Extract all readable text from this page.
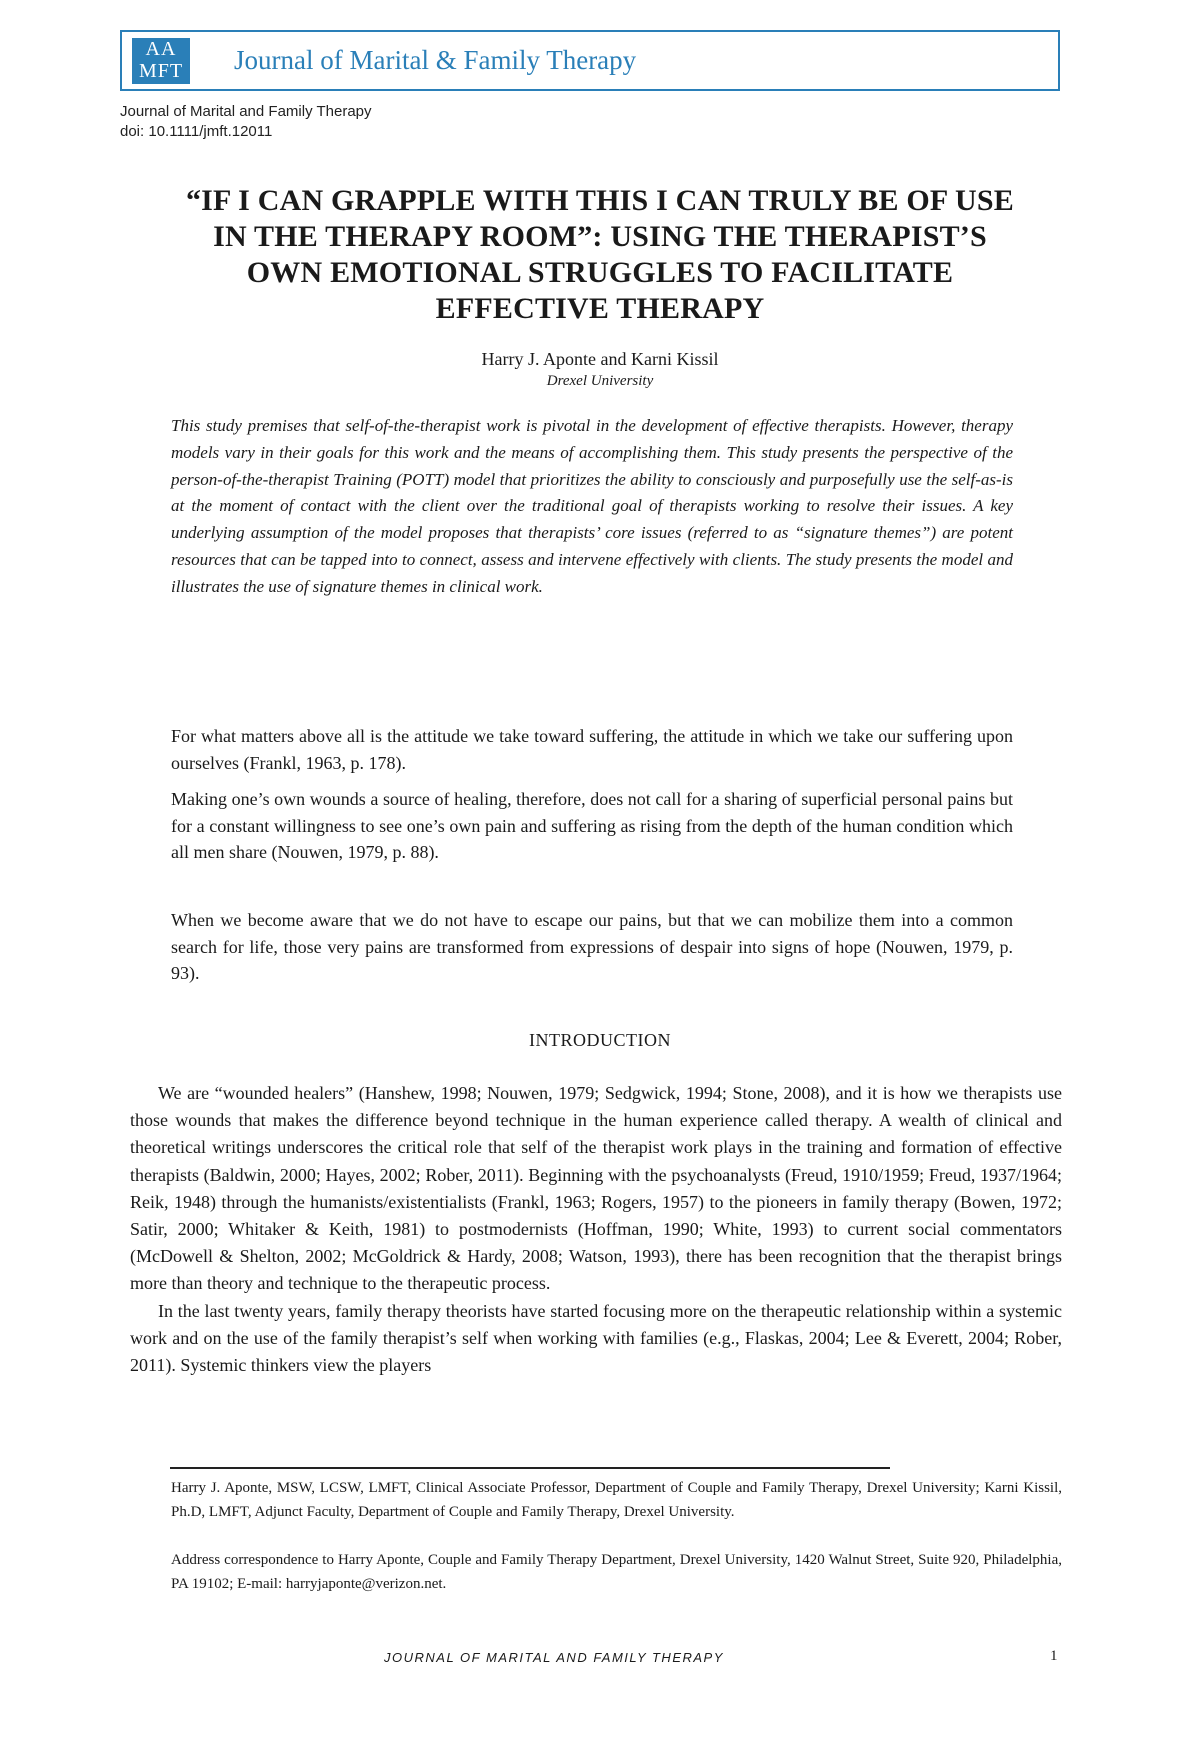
AA
MFT Journal of Marital & Family Therapy
Journal of Marital and Family Therapy
doi: 10.1111/jmft.12011
“IF I CAN GRAPPLE WITH THIS I CAN TRULY BE OF USE
IN THE THERAPY ROOM”: USING THE THERAPIST’S
OWN EMOTIONAL STRUGGLES TO FACILITATE
EFFECTIVE THERAPY
Harry J. Aponte and Karni Kissil
Drexel University
This study premises that self-of-the-therapist work is pivotal in the development of effective therapists. However, therapy models vary in their goals for this work and the means of accomplishing them. This study presents the perspective of the person-of-the-therapist Training (POTT) model that prioritizes the ability to consciously and purposefully use the self-as-is at the moment of contact with the client over the traditional goal of therapists working to resolve their issues. A key underlying assumption of the model proposes that therapists’ core issues (referred to as “signature themes”) are potent resources that can be tapped into to connect, assess and intervene effectively with clients. The study presents the model and illustrates the use of signature themes in clinical work.
For what matters above all is the attitude we take toward suffering, the attitude in which we take our suffering upon ourselves (Frankl, 1963, p. 178).
Making one’s own wounds a source of healing, therefore, does not call for a sharing of superficial personal pains but for a constant willingness to see one’s own pain and suffering as rising from the depth of the human condition which all men share (Nouwen, 1979, p. 88).
When we become aware that we do not have to escape our pains, but that we can mobilize them into a common search for life, those very pains are transformed from expressions of despair into signs of hope (Nouwen, 1979, p. 93).
INTRODUCTION

We are “wounded healers” (Hanshew, 1998; Nouwen, 1979; Sedgwick, 1994; Stone, 2008), and it is how we therapists use those wounds that makes the difference beyond technique in the human experience called therapy. A wealth of clinical and theoretical writings underscores the critical role that self of the therapist work plays in the training and formation of effective therapists (Baldwin, 2000; Hayes, 2002; Rober, 2011). Beginning with the psychoanalysts (Freud, 1910/1959; Freud, 1937/1964; Reik, 1948) through the humanists/existentialists (Frankl, 1963; Rogers, 1957) to the pioneers in family therapy (Bowen, 1972; Satir, 2000; Whitaker & Keith, 1981) to postmodernists (Hoffman, 1990; White, 1993) to current social commentators (McDowell & Shelton, 2002; McGoldrick & Hardy, 2008; Watson, 1993), there has been recognition that the therapist brings more than theory and technique to the therapeutic process.

In the last twenty years, family therapy theorists have started focusing more on the therapeutic relationship within a systemic work and on the use of the family therapist’s self when working with families (e.g., Flaskas, 2004; Lee & Everett, 2004; Rober, 2011). Systemic thinkers view the players

Harry J. Aponte, MSW, LCSW, LMFT, Clinical Associate Professor, Department of Couple and Family Therapy, Drexel University; Karni Kissil, Ph.D, LMFT, Adjunct Faculty, Department of Couple and Family Therapy, Drexel University.
Address correspondence to Harry Aponte, Couple and Family Therapy Department, Drexel University, 1420 Walnut Street, Suite 920, Philadelphia, PA 19102; E-mail: harryjaponte@verizon.net.
JOURNAL OF MARITAL AND FAMILY THERAPY	1
